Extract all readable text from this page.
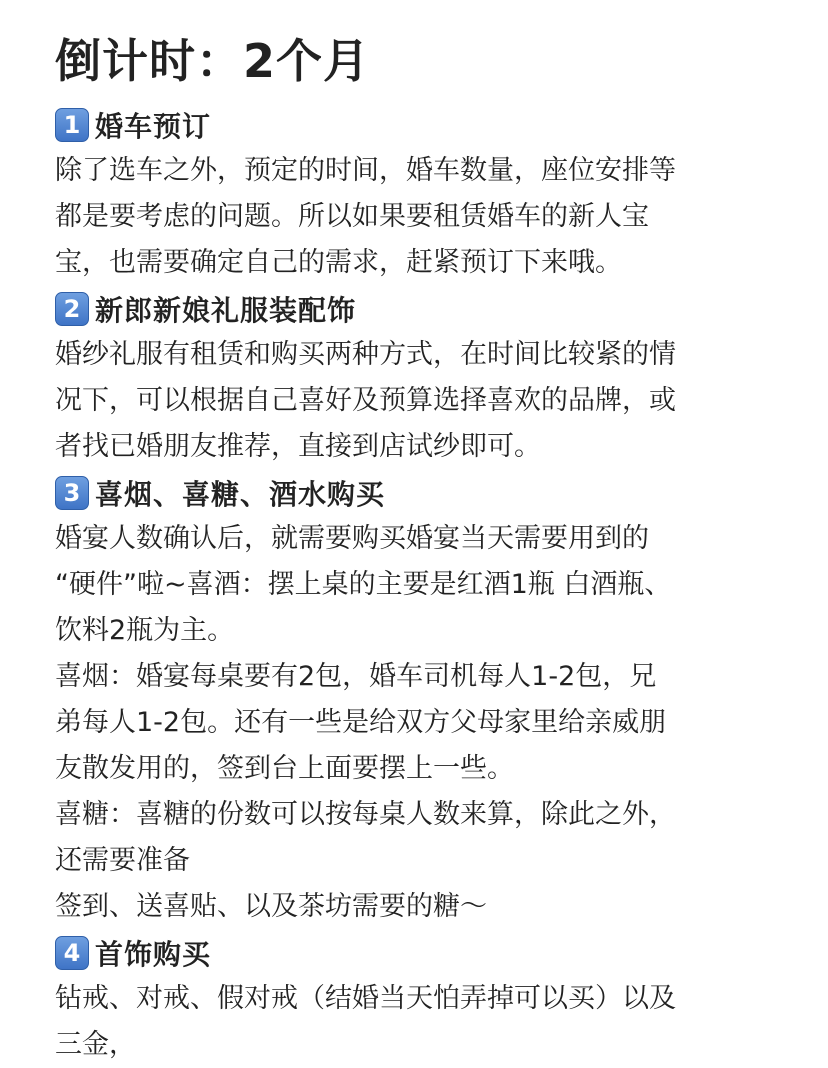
倒计时：2个月
1 婚车预订
除了选车之外，预定的时间，婚车数量，座位安排等
都是要考虑的问题。所以如果要租赁婚车的新人宝
宝，也需要确定自己的需求，赶紧预订下来哦。
2 新郎新娘礼服装配饰
婚纱礼服有租赁和购买两种方式，在时间比较紧的情
况下，可以根据自己喜好及预算选择喜欢的品牌，或
者找已婚朋友推荐，直接到店试纱即可。
3 喜烟、喜糖、酒水购买
婚宴人数确认后，就需要购买婚宴当天需要用到的
“硬件”啦~喜酒：摆上桌的主要是红酒1瓶 白酒瓶、
饮料2瓶为主。
喜烟：婚宴每桌要有2包，婚车司机每人1-2包，兄
弟每人1-2包。还有一些是给双方父母家里给亲威朋
友散发用的，签到台上面要摆上一些。
喜糖：喜糖的份数可以按每桌人数来算，除此之外，
还需要准备
签到、送喜贴、以及茶坊需要的糖～
4 首饰购买
钻戒、对戒、假对戒（结婚当天怕弄掉可以买）以及
三金，
